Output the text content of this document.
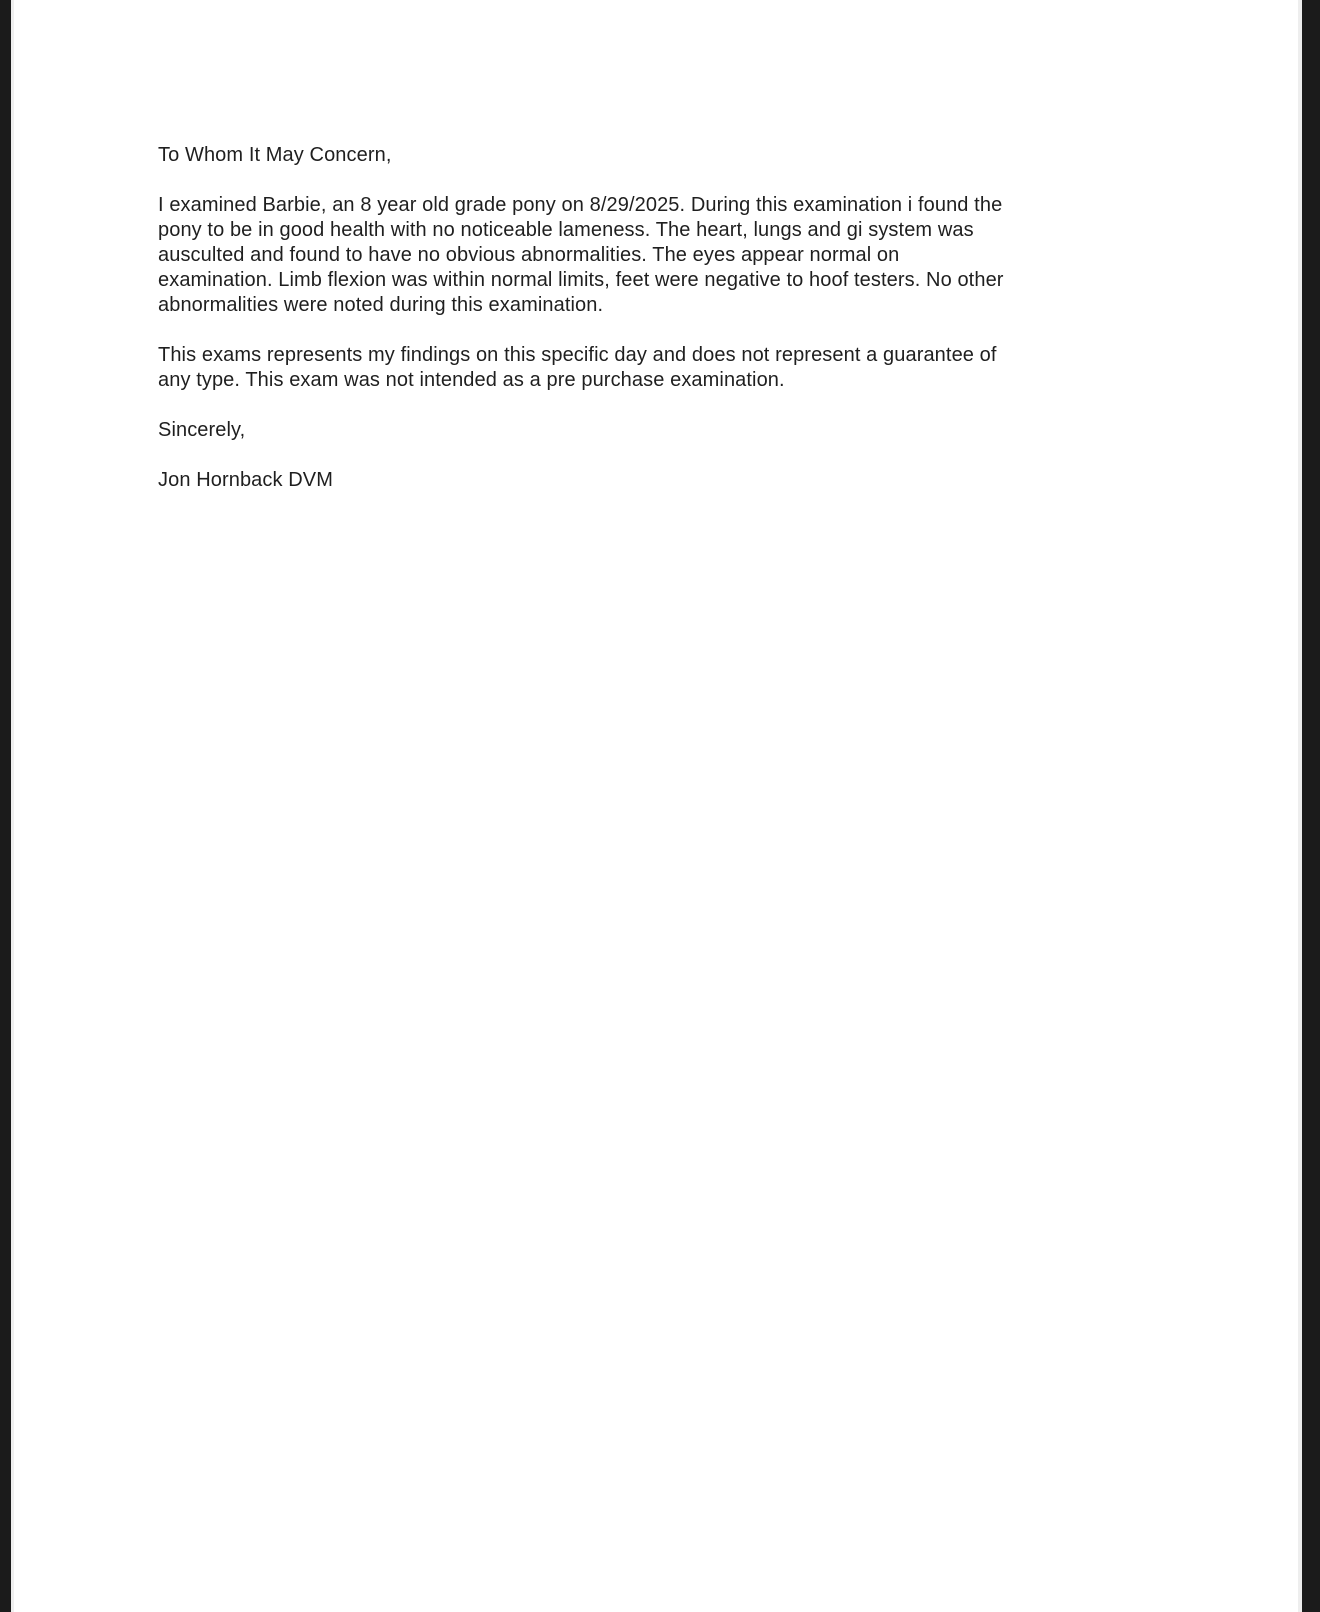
To Whom It May Concern,
I examined Barbie, an 8 year old grade pony on 8/29/2025. During this examination i found the
pony to be in good health with no noticeable lameness. The heart, lungs and gi system was
ausculted and found to have no obvious abnormalities. The eyes appear normal on
examination. Limb flexion was within normal limits, feet were negative to hoof testers. No other
abnormalities were noted during this examination.
This exams represents my findings on this specific day and does not represent a guarantee of
any type. This exam was not intended as a pre purchase examination.
Sincerely,
Jon Hornback DVM
